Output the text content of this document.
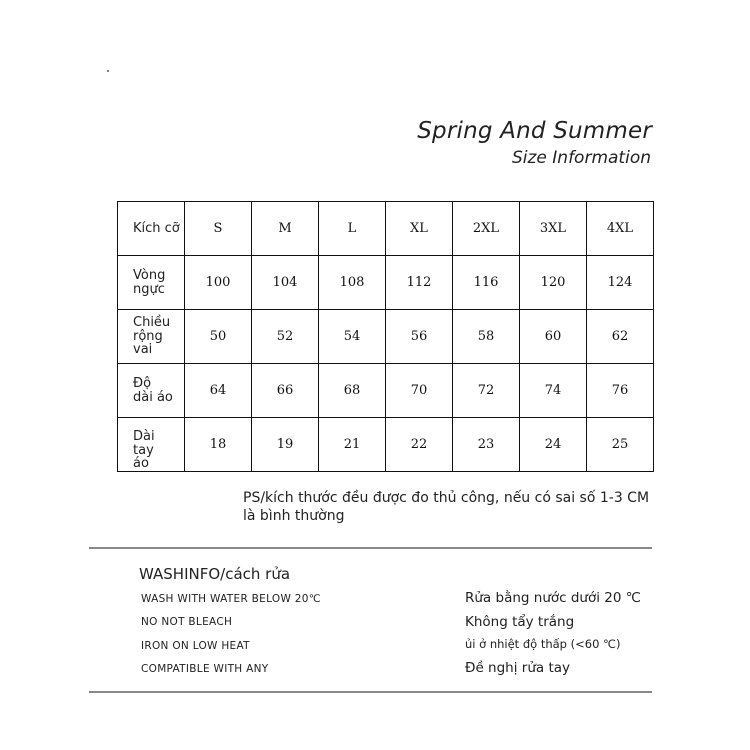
Spring And Summer
Size Information
Kích cỡ	S	M	L	XL	2XL	3XL	4XL

Vòng
ngực	100	104	108	112	116	120	124

Chiều
rộng vai	50	52	54	56	58	60	62

Độ
dài áo	64	66	68	70	72	74	76

Dài
tay
áo	18	19	21	22	23	24	25
PS/kích thước đều được đo thủ công, nếu có sai số 1-3 CM là bình thường
WASHINFO/cách rửa
WASH WITH WATER BELOW 20℃
NO NOT BLEACH
IRON ON LOW HEAT
COMPATIBLE WITH ANY
Rửa bằng nước dưới 20 ℃
Không tẩy trắng
ủi ở nhiệt độ thấp (<60 ℃)
Đề nghị rửa tay
